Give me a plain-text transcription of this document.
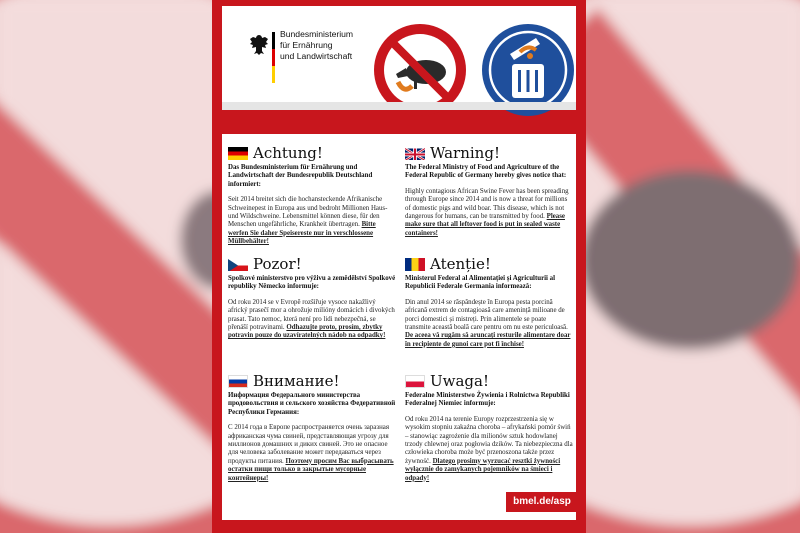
Bundesministerium
für Ernährung
und Landwirtschaft
Achtung!

Das Bundesministerium für Ernährung und Landwirtschaft der Bundesrepublik Deutschland informiert:

Seit 2014 breitet sich die hochansteckende Afrikanische Schweinepest in Europa aus und bedroht Millionen Haus- und Wildschweine. Lebensmittel können diese, für den Menschen ungefährliche, Krankheit übertragen. Bitte werfen Sie daher Speisereste nur in verschlossene Müllbehälter!

Warning!

The Federal Ministry of Food and Agriculture of the Federal Republic of Germany hereby gives notice that:

Highly contagious African Swine Fever has been spreading through Europe since 2014 and is now a threat for millions of domestic pigs and wild boar. This disease, which is not dangerous for humans, can be transmitted by food. Please make sure that all leftover food is put in sealed waste containers!

Pozor!

Spolkové ministerstvo pro výživu a zemědělství Spolkové republiky Německo informuje:

Od roku 2014 se v Evropě rozšiřuje vysoce nakažlivý africký prasečí mor a ohrožuje milióny domácích i divokých prasat. Tato nemoc, která není pro lidi nebezpečná, se přenáší potravinami. Odhazujte proto, prosím, zbytky potravin pouze do uzavíratelných nádob na odpadky!

Atenție!

Ministerul Federal al Alimentației și Agriculturii al Republicii Federale Germania informează:

Din anul 2014 se răspândește în Europa pesta porcină africană extrem de contagioasă care amenință milioane de porci domestici și mistreți. Prin alimentele se poate transmite această boală care pentru om nu este periculoasă. De aceea vă rugăm să aruncați resturile alimentare doar în recipiente de gunoi care pot fi închise!

Внимание!

Информация Федерального министерства продовольствия и сельского хозяйства Федеративной Республики Германия:

С 2014 года в Европе распространяется очень заразная африканская чума свиней, представляющая угрозу для миллионов домашних и диких свиней. Это не опасное для человека заболевание может передаваться через продукты питания. Поэтому просим Вас выбрасывать остатки пищи только в закрытые мусорные контейнеры!

Uwaga!

Federalne Ministerstwo Żywienia i Rolnictwa Republiki Federalnej Niemiec informuje:

Od roku 2014 na terenie Europy rozprzestrzenia się w wysokim stopniu zakaźna choroba – afrykański pomór świń – stanowiąc zagrożenie dla milionów sztuk hodowlanej trzody chlewnej oraz pogłowia dzików. Ta niebezpieczna dla człowieka choroba może być przenoszona także przez żywność. Dlatego prosimy wyrzucać resztki żywności wyłącznie do zamykanych pojemników na śmieci i odpady!

bmel.de/asp
